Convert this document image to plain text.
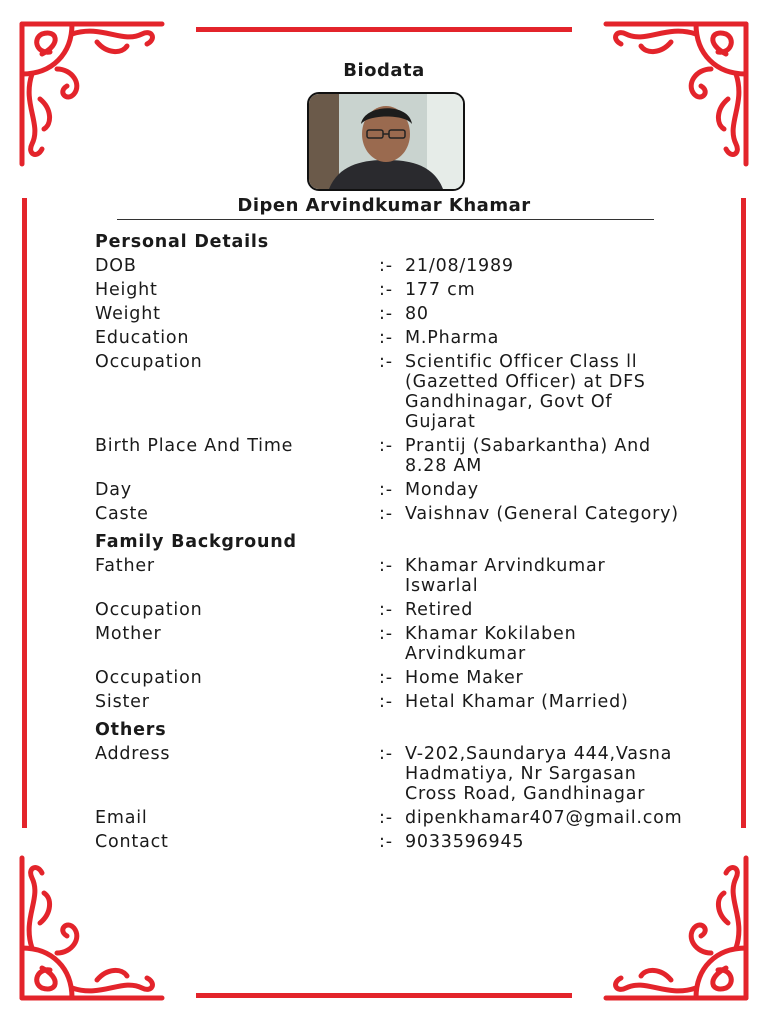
Biodata
Dipen Arvindkumar Khamar
Personal Details
DOB	:- 21/08/1989
Height	:- 177 cm
Weight	:- 80
Education	:- M.Pharma
Occupation	:- Scientific Officer Class ll (Gazetted Officer) at DFS Gandhinagar, Govt Of Gujarat
Birth Place And Time	:- Prantij (Sabarkantha) And 8.28 AM
Day	:- Monday
Caste	:- Vaishnav (General Category)
Family Background
Father	:- Khamar Arvindkumar Iswarlal
Occupation	:- Retired
Mother	:- Khamar Kokilaben Arvindkumar
Occupation	:- Home Maker
Sister	:- Hetal Khamar (Married)
Others
Address	:- V-202,Saundarya 444,Vasna Hadmatiya, Nr Sargasan Cross Road, Gandhinagar
Email	:- dipenkhamar407@gmail.com
Contact	:- 9033596945
